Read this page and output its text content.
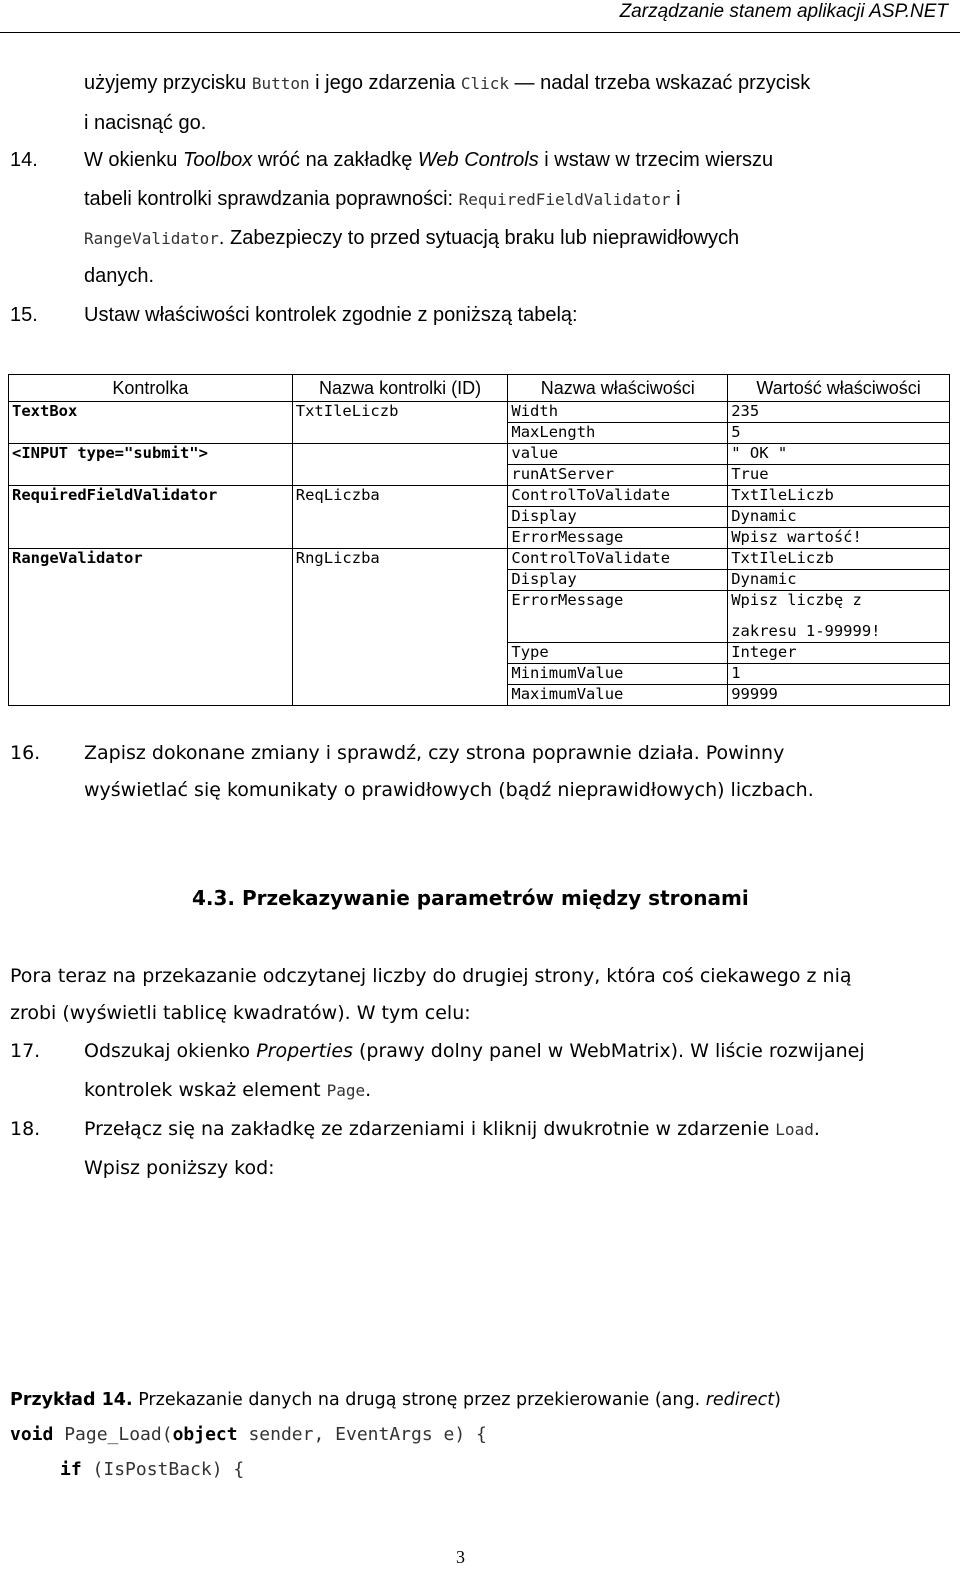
Zarządzanie stanem aplikacji ASP.NET
użyjemy przycisku Button i jego zdarzenia Click — nadal trzeba wskazać przycisk
i nacisnąć go.
14. W okienku Toolbox wróć na zakładkę Web Controls i wstaw w trzecim wierszu
tabeli kontrolki sprawdzania poprawności: RequiredFieldValidator i
RangeValidator. Zabezpieczy to przed sytuacją braku lub nieprawidłowych
danych.
15. Ustaw właściwości kontrolek zgodnie z poniższą tabelą:
Kontrolka	Nazwa kontrolki (ID)	Nazwa właściwości	Wartość właściwości
TextBox	TxtIleLiczb	Width	235
		MaxLength	5
<INPUT type="submit">		value	" OK "
		runAtServer	True
RequiredFieldValidator	ReqLiczba	ControlToValidate	TxtIleLiczb
		Display	Dynamic
		ErrorMessage	Wpisz wartość!
RangeValidator	RngLiczba	ControlToValidate	TxtIleLiczb
		Display	Dynamic
		ErrorMessage	Wpisz liczbę z
			zakresu 1-99999!
		Type	Integer
		MinimumValue	1
		MaximumValue	99999
16. Zapisz dokonane zmiany i sprawdź, czy strona poprawnie działa. Powinny
wyświetlać się komunikaty o prawidłowych (bądź nieprawidłowych) liczbach.
4.3. Przekazywanie parametrów między stronami
Pora teraz na przekazanie odczytanej liczby do drugiej strony, która coś ciekawego z nią
zrobi (wyświetli tablicę kwadratów). W tym celu:
17. Odszukaj okienko Properties (prawy dolny panel w WebMatrix). W liście rozwijanej
kontrolek wskaż element Page.
18. Przełącz się na zakładkę ze zdarzeniami i kliknij dwukrotnie w zdarzenie Load.
Wpisz poniższy kod:
Przykład 14. Przekazanie danych na drugą stronę przez przekierowanie (ang. redirect)
void Page_Load(object sender, EventArgs e) {
if (IsPostBack) {
3
